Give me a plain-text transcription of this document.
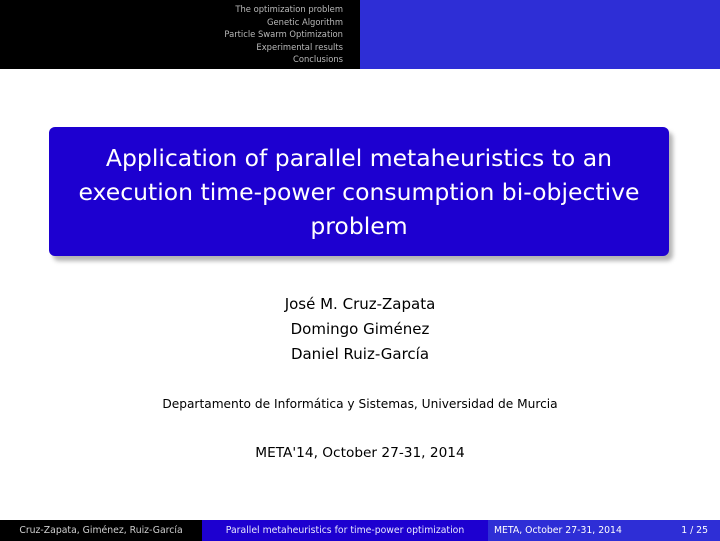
The optimization problem
Genetic Algorithm
Particle Swarm Optimization
Experimental results
Conclusions
Application of parallel metaheuristics to an
execution time-power consumption bi-objective
problem
José M. Cruz-Zapata
Domingo Giménez
Daniel Ruiz-García
Departamento de Informática y Sistemas, Universidad de Murcia
META'14, October 27-31, 2014
Cruz-Zapata, Giménez, Ruiz-García	Parallel metaheuristics for time-power optimization	META, October 27-31, 2014	1 / 25
